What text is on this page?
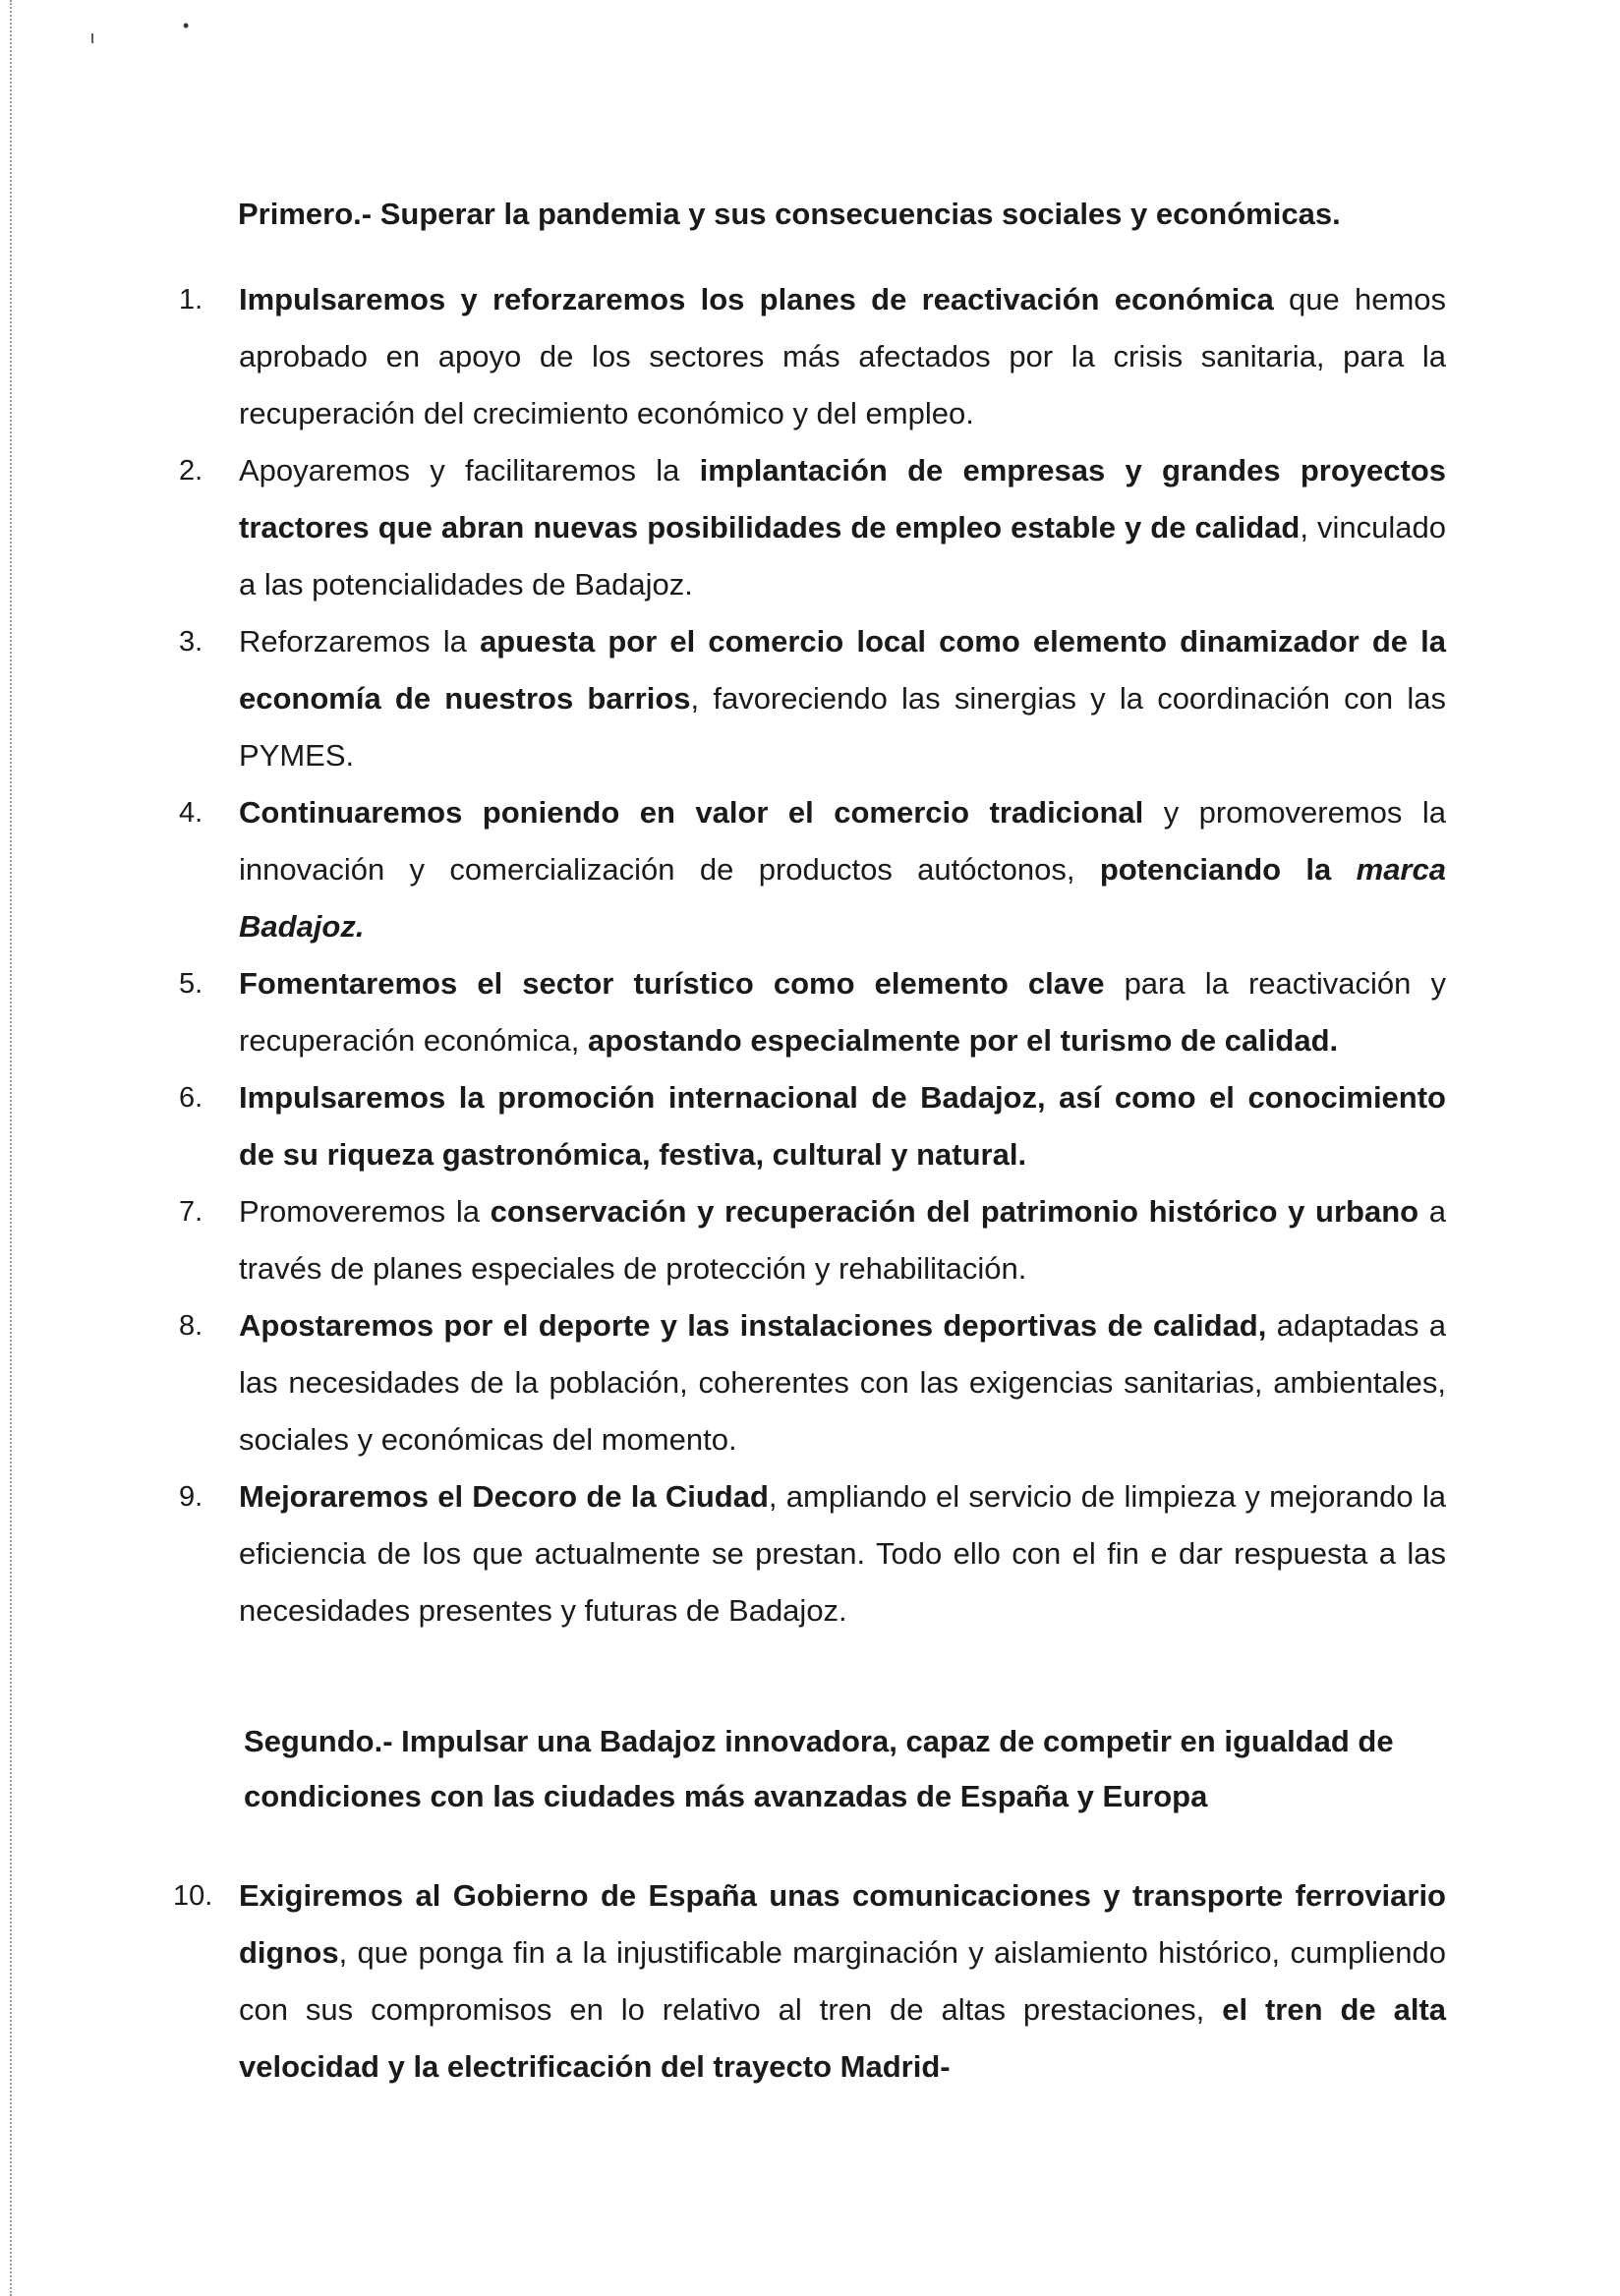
ι
•
Primero.- Superar la pandemia y sus consecuencias sociales y económicas.
1. Impulsaremos y reforzaremos los planes de reactivación económica que hemos aprobado en apoyo de los sectores más afectados por la crisis sanitaria, para la recuperación del crecimiento económico y del empleo.

2. Apoyaremos y facilitaremos la implantación de empresas y grandes proyectos tractores que abran nuevas posibilidades de empleo estable y de calidad, vinculado a las potencialidades de Badajoz.

3. Reforzaremos la apuesta por el comercio local como elemento dinamizador de la economía de nuestros barrios, favoreciendo las sinergias y la coordinación con las PYMES.

4. Continuaremos poniendo en valor el comercio tradicional y promoveremos la innovación y comercialización de productos autóctonos, potenciando la marca Badajoz.

5. Fomentaremos el sector turístico como elemento clave para la reactivación y recuperación económica, apostando especialmente por el turismo de calidad.

6. Impulsaremos la promoción internacional de Badajoz, así como el conocimiento de su riqueza gastronómica, festiva, cultural y natural.

7. Promoveremos la conservación y recuperación del patrimonio histórico y urbano a través de planes especiales de protección y rehabilitación.

8. Apostaremos por el deporte y las instalaciones deportivas de calidad, adaptadas a las necesidades de la población, coherentes con las exigencias sanitarias, ambientales, sociales y económicas del momento.

9. Mejoraremos el Decoro de la Ciudad, ampliando el servicio de limpieza y mejorando la eficiencia de los que actualmente se prestan. Todo ello con el fin e dar respuesta a las necesidades presentes y futuras de Badajoz.

Segundo.- Impulsar una Badajoz innovadora, capaz de competir en igualdad de condiciones con las ciudades más avanzadas de España y Europa
10. Exigiremos al Gobierno de España unas comunicaciones y transporte ferroviario dignos, que ponga fin a la injustificable marginación y aislamiento histórico, cumpliendo con sus compromisos en lo relativo al tren de altas prestaciones, el tren de alta velocidad y la electrificación del trayecto Madrid-
